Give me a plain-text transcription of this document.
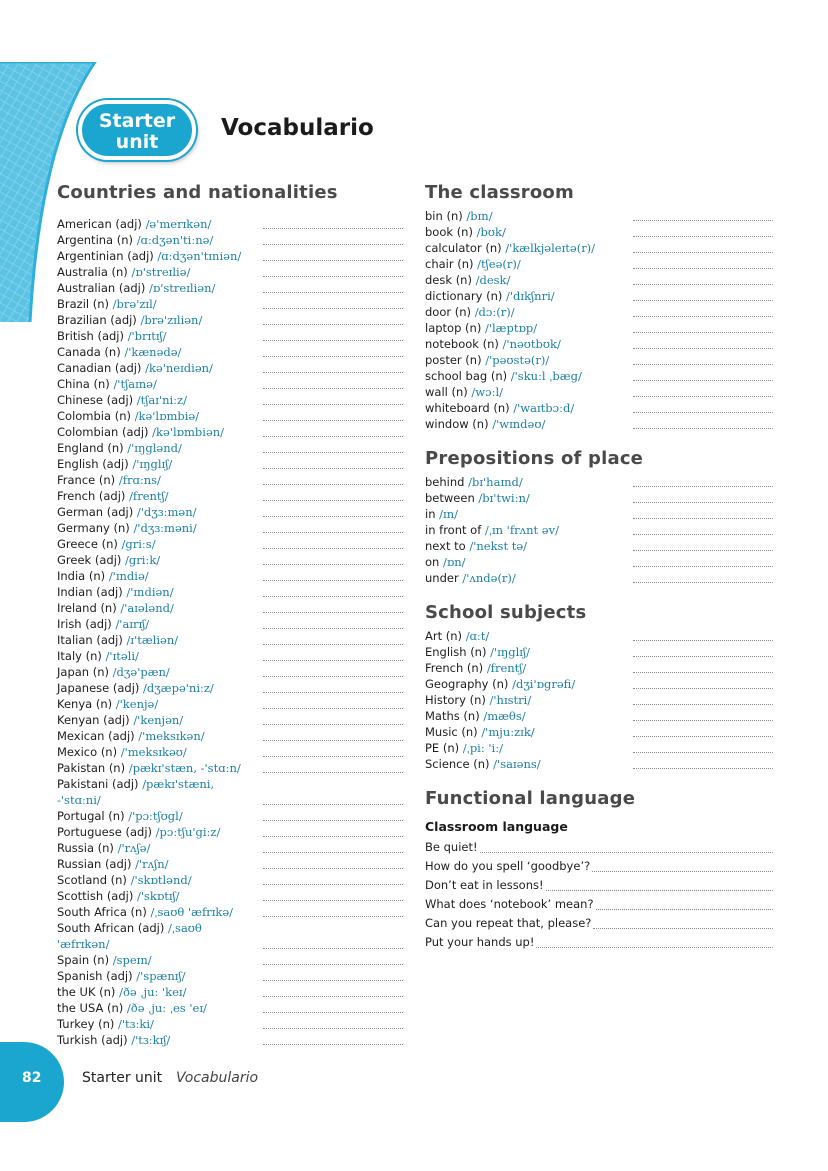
Starter
unit
Vocabulario
Countries and nationalities
American (adj) /ə'merɪkən/
Argentina (n) /ɑːdʒən'tiːnə/
Argentinian (adj) /ɑːdʒən'tɪniən/
Australia (n) /ɒ'streɪliə/
Australian (adj) /ɒ'streɪliən/
Brazil (n) /brə'zɪl/
Brazilian (adj) /brə'zɪliən/
British (adj) /'brɪtɪʃ/
Canada (n) /'kænədə/
Canadian (adj) /kə'neɪdiən/
China (n) /'tʃaɪnə/
Chinese (adj) /tʃaɪ'niːz/
Colombia (n) /kə'lɒmbiə/
Colombian (adj) /kə'lɒmbiən/
England (n) /'ɪŋglənd/
English (adj) /'ɪŋglɪʃ/
France (n) /frɑːns/
French (adj) /frentʃ/
German (adj) /'dʒɜːmən/
Germany (n) /'dʒɜːməni/
Greece (n) /griːs/
Greek (adj) /griːk/
India (n) /'ɪndiə/
Indian (adj) /'ɪndiən/
Ireland (n) /'aɪələnd/
Irish (adj) /'aɪrɪʃ/
Italian (adj) /ɪ'tæliən/
Italy (n) /'ɪtəli/
Japan (n) /dʒə'pæn/
Japanese (adj) /dʒæpə'niːz/
Kenya (n) /'kenjə/
Kenyan (adj) /'kenjən/
Mexican (adj) /'meksɪkən/
Mexico (n) /'meksɪkəʊ/
Pakistan (n) /pækɪ'stæn, -'stɑːn/
Pakistani (adj) /pækɪ'stæni,
-'stɑːni/
Portugal (n) /'pɔːtʃʊgl/
Portuguese (adj) /pɔːtʃu'giːz/
Russia (n) /'rʌʃə/
Russian (adj) /'rʌʃn/
Scotland (n) /'skɒtlənd/
Scottish (adj) /'skɒtɪʃ/
South Africa (n) /ˌsaʊθ 'æfrɪkə/
South African (adj) /ˌsaʊθ
'æfrɪkən/
Spain (n) /speɪn/
Spanish (adj) /'spænɪʃ/
the UK (n) /ðə ˌjuː 'keɪ/
the USA (n) /ðə ˌjuː ˌes 'eɪ/
Turkey (n) /'tɜːki/
Turkish (adj) /'tɜːkɪʃ/
The classroom
bin (n) /bɪn/
book (n) /bʊk/
calculator (n) /'kælkjəleɪtə(r)/
chair (n) /tʃeə(r)/
desk (n) /desk/
dictionary (n) /'dɪkʃnri/
door (n) /dɔː(r)/
laptop (n) /'læptɒp/
notebook (n) /'nəʊtbʊk/
poster (n) /'pəʊstə(r)/
school bag (n) /'skuːl ˌbæg/
wall (n) /wɔːl/
whiteboard (n) /'waɪtbɔːd/
window (n) /'wɪndəʊ/
Prepositions of place
behind /bɪ'haɪnd/
between /bɪ'twiːn/
in /ɪn/
in front of /ˌɪn 'frʌnt əv/
next to /'nekst tə/
on /ɒn/
under /'ʌndə(r)/
School subjects
Art (n) /ɑːt/
English (n) /'ɪŋglɪʃ/
French (n) /frentʃ/
Geography (n) /dʒi'ɒgrəfi/
History (n) /'hɪstri/
Maths (n) /mæθs/
Music (n) /'mjuːzɪk/
PE (n) /ˌpiː 'iː/
Science (n) /'saɪəns/
Functional language
Classroom language
Be quiet!
How do you spell ‘goodbye’?
Don’t eat in lessons!
What does ‘notebook’ mean?
Can you repeat that, please?
Put your hands up!
82	Starter unit Vocabulario
